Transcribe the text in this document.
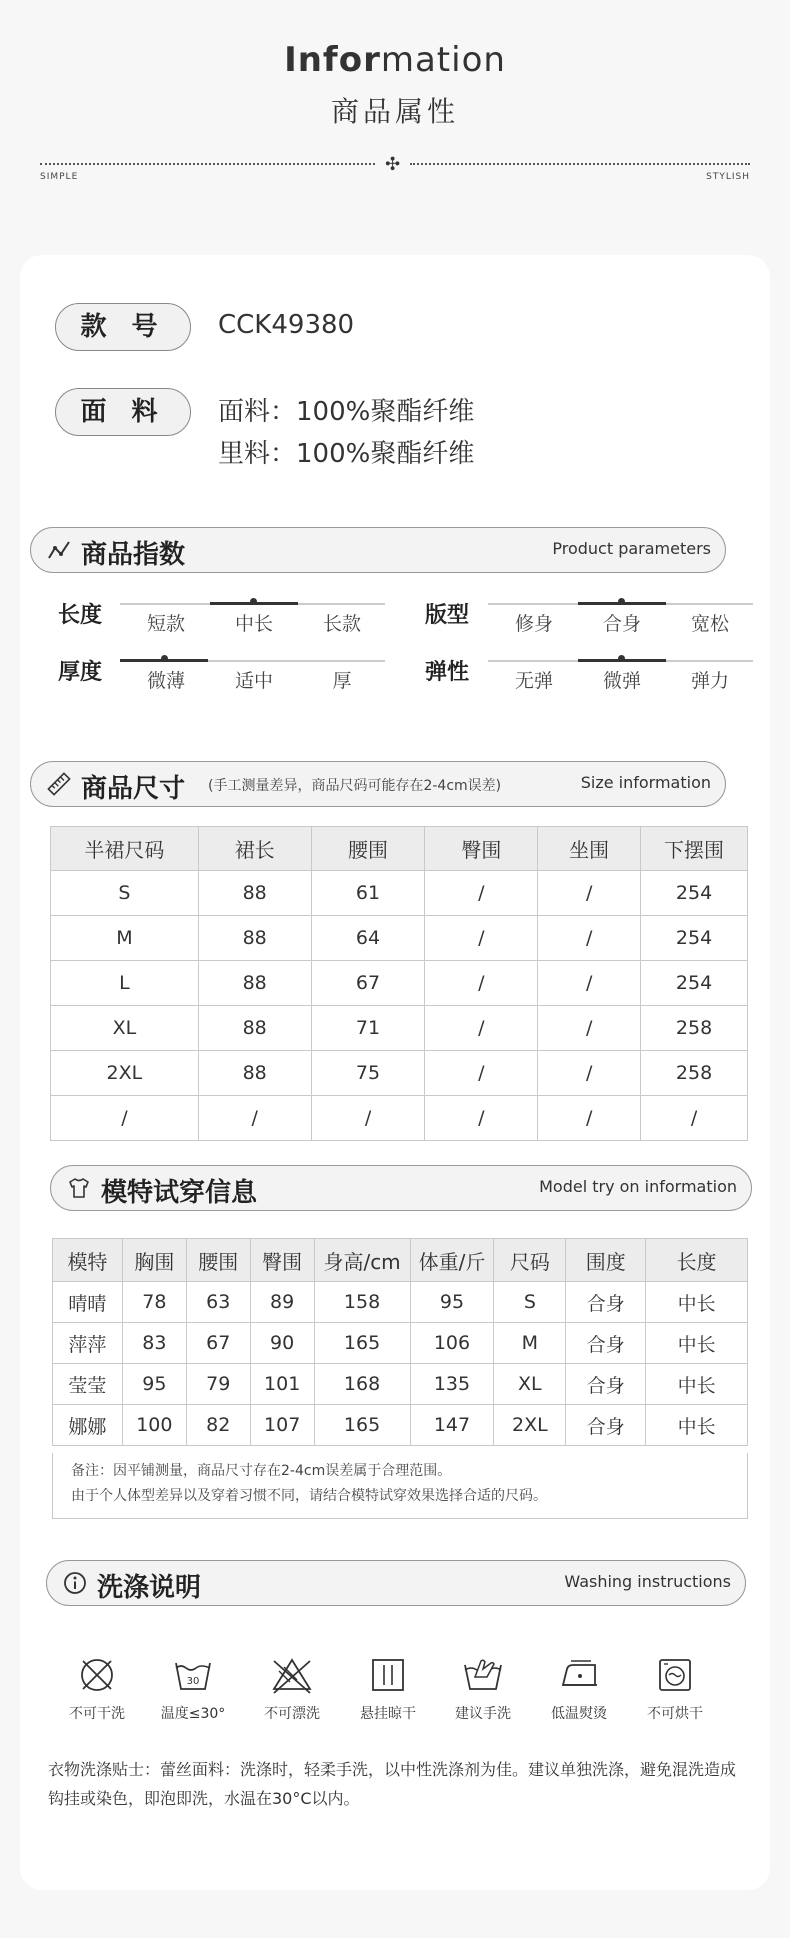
Information
商品属性
✣
SIMPLE	STYLISH
款 号	CCK49380
面 料	面料：100%聚酯纤维
里料：100%聚酯纤维
商品指数	Product parameters
长度	短款	中长	长款
厚度	微薄	适中	厚
版型	修身	合身	宽松
弹性	无弹	微弹	弹力
商品尺寸 (手工测量差异，商品尺码可能存在2-4cm误差)	Size information
半裙尺码	裙长	腰围	臀围	坐围	下摆围
S	88	61	/	/	254
M	88	64	/	/	254
L	88	67	/	/	254
XL	88	71	/	/	258
2XL	88	75	/	/	258
/	/	/	/	/	/
模特试穿信息	Model try on information
模特	胸围	腰围	臀围	身高/cm	体重/斤	尺码	围度	长度
晴晴	78	63	89	158	95	S	合身	中长
萍萍	83	67	90	165	106	M	合身	中长
莹莹	95	79	101	168	135	XL	合身	中长
娜娜	100	82	107	165	147	2XL	合身	中长
备注：因平铺测量，商品尺寸存在2-4cm误差属于合理范围。
由于个人体型差异以及穿着习惯不同，请结合模特试穿效果选择合适的尺码。
洗涤说明	Washing instructions
不可干洗
30
温度≤30°	不可漂洗	悬挂晾干	建议手洗	低温熨烫	不可烘干
衣物洗涤贴士：蕾丝面料：洗涤时，轻柔手洗，以中性洗涤剂为佳。建议单独洗涤，避免混洗造成钩挂或染色，即泡即洗，水温在30°C以内。
